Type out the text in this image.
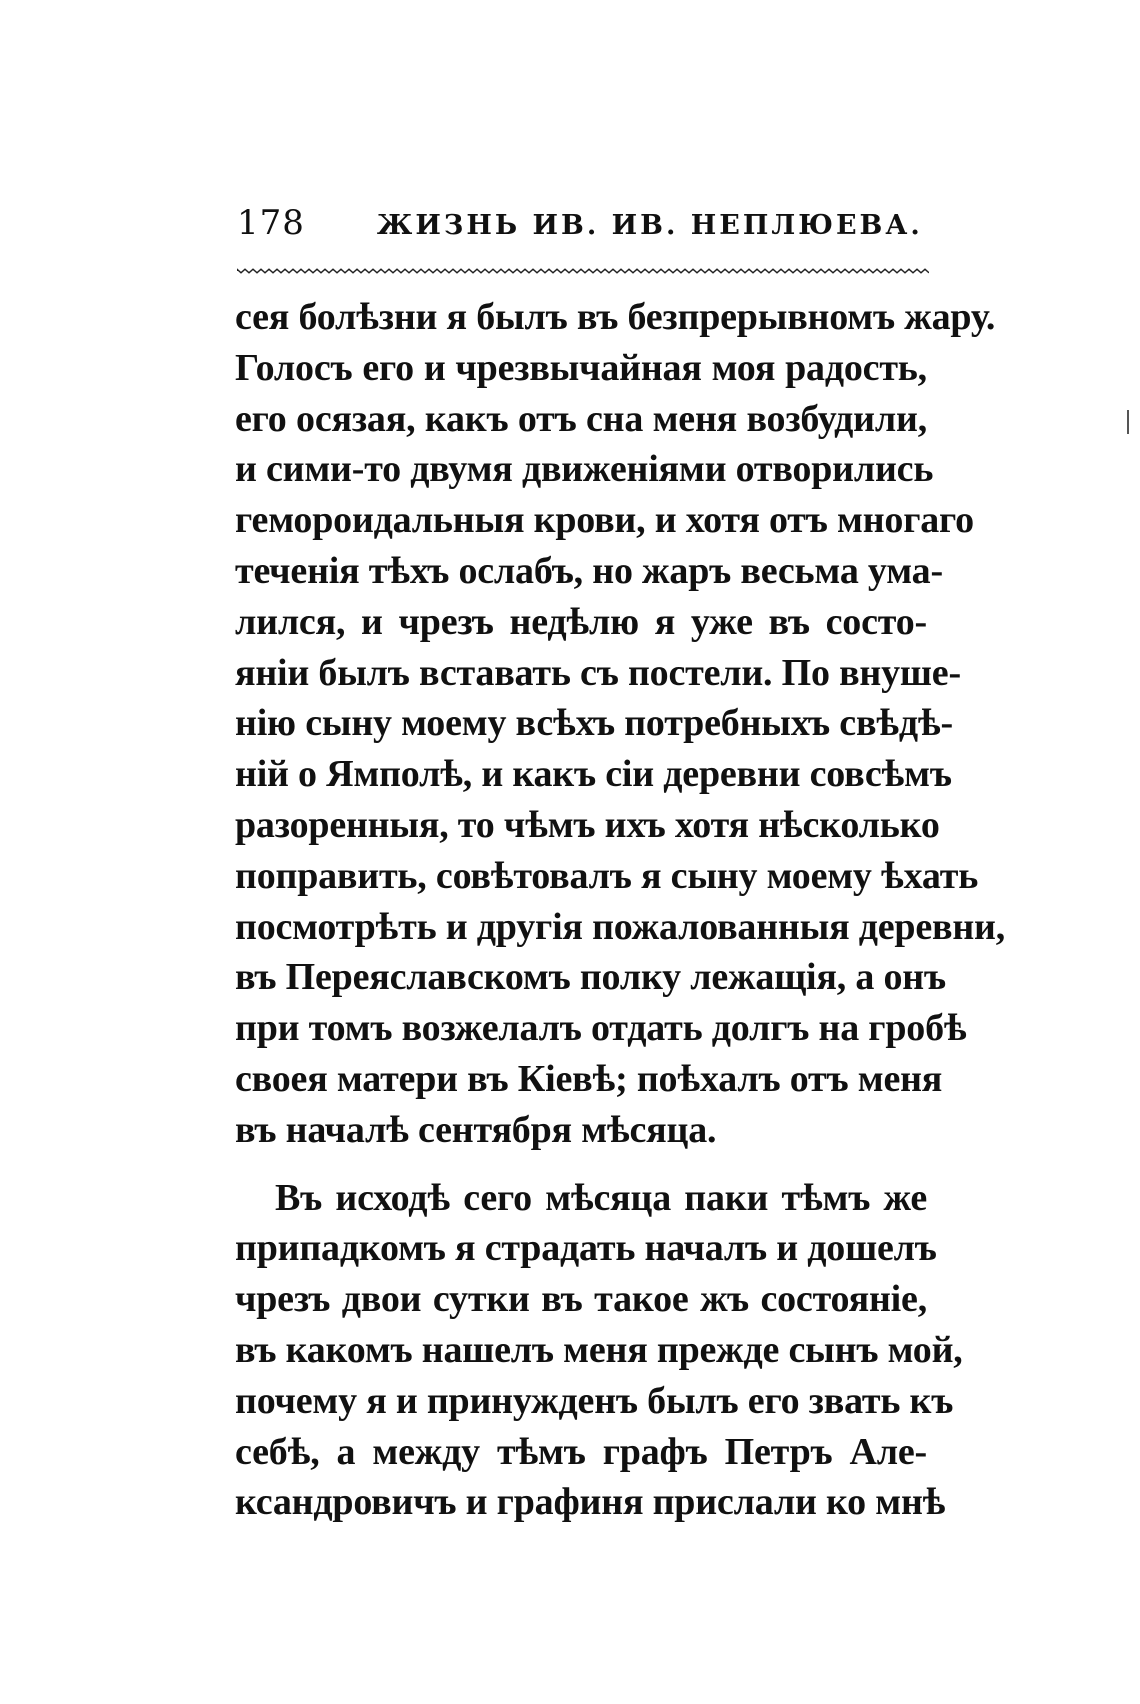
178	ЖИЗНЬ ИВ. ИВ. НЕПЛЮЕВА.
сея болѣзни я былъ въ безпрерывномъ жару.
Голосъ его и чрезвычайная моя радость,
его осязая, какъ отъ сна меня возбудили,
и сими-то двумя движеніями отворились
гемороидальныя крови, и хотя отъ многаго
теченія тѣхъ ослабъ, но жаръ весьма ума-
лился, и чрезъ недѣлю я уже въ состо-
яніи былъ вставать съ постели. По внуше-
нію сыну моему всѣхъ потребныхъ свѣдѣ-
ній о Ямполѣ, и какъ сіи деревни совсѣмъ
разоренныя, то чѣмъ ихъ хотя нѣсколько
поправить, совѣтовалъ я сыну моему ѣхать
посмотрѣть и другія пожалованныя деревни,
въ Переяславскомъ полку лежащія, а онъ
при томъ возжелалъ отдать долгъ на гробѣ
своея матери въ Кіевѣ; поѣхалъ отъ меня
въ началѣ сентября мѣсяца.
Въ исходѣ сего мѣсяца паки тѣмъ же
припадкомъ я страдать началъ и дошелъ
чрезъ двои сутки въ такое жъ состояніе,
въ какомъ нашелъ меня прежде сынъ мой,
почему я и принужденъ былъ его звать къ
себѣ, а между тѣмъ графъ Петръ Але-
ксандровичъ и графиня прислали ко мнѣ
